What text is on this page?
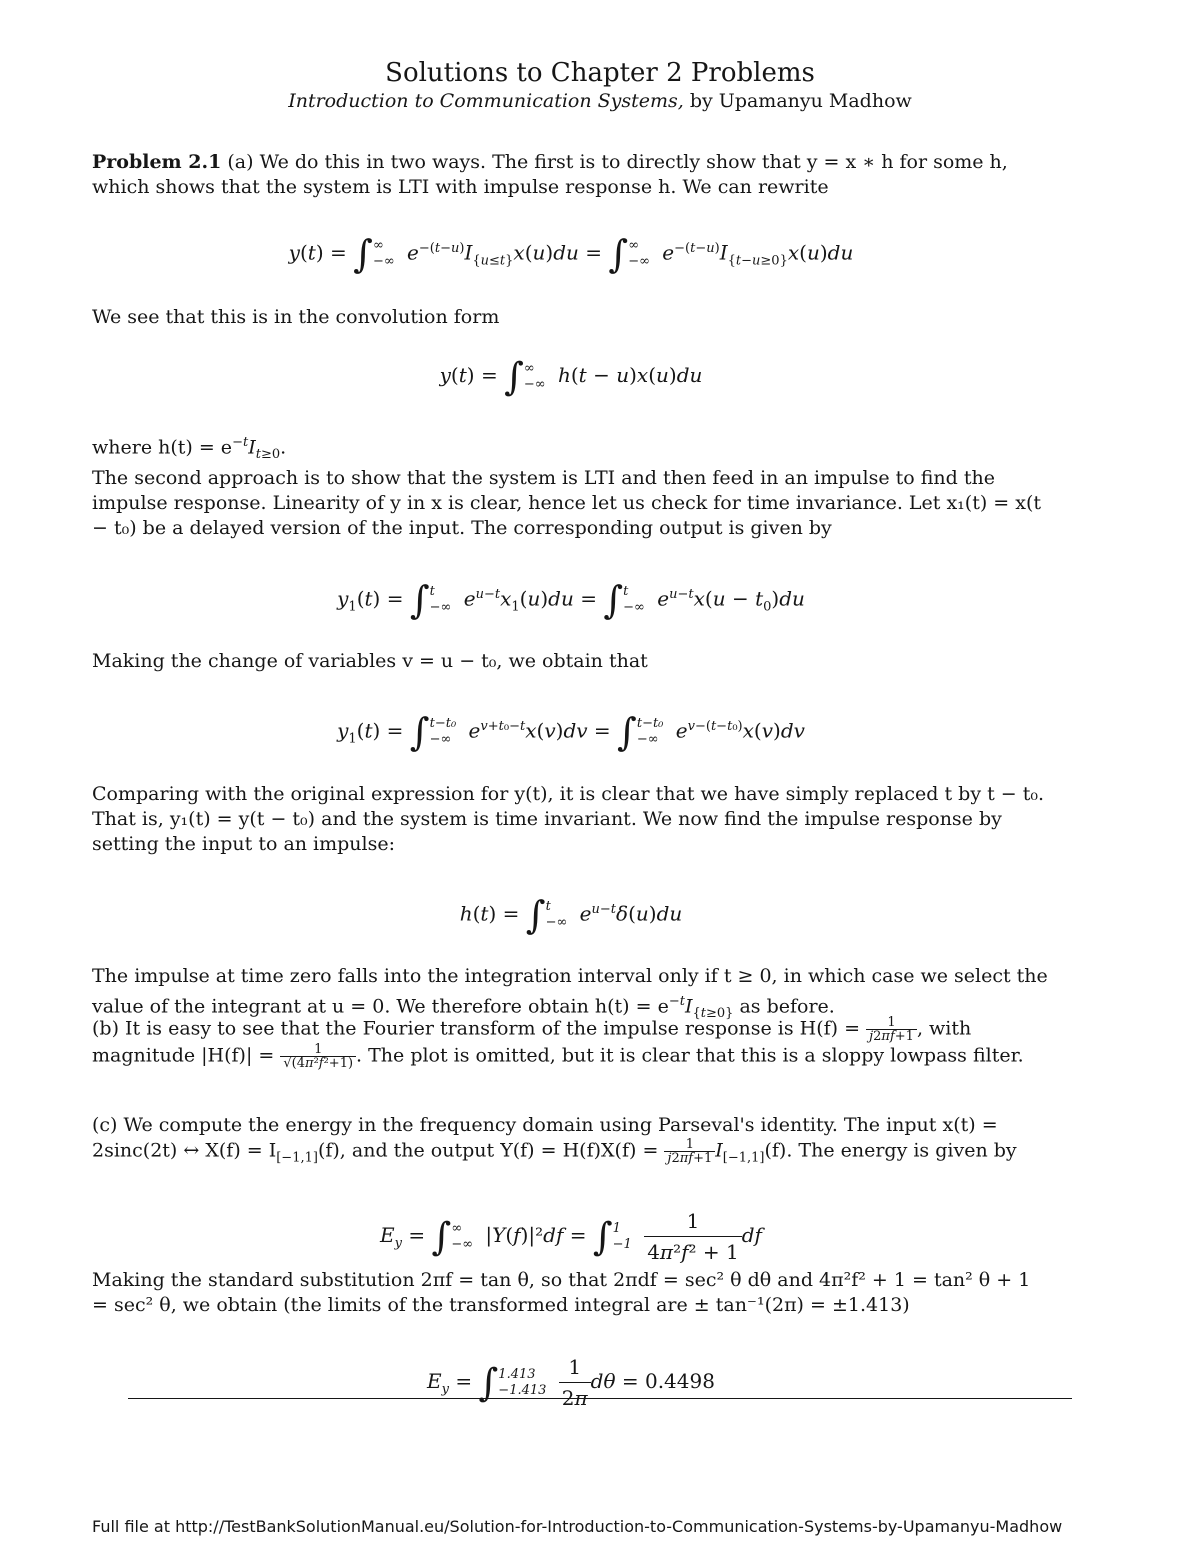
Solutions to Chapter 2 Problems
Introduction to Communication Systems, by Upamanyu Madhow
Problem 2.1 (a) We do this in two ways. The first is to directly show that y = x ∗ h for some h, which shows that the system is LTI with impulse response h. We can rewrite
y(t) = ∫ ∞
−∞ $e^{-(t-u)}I_{\{u\le t\}}x(u)du$ = ∫ ∞
−∞ $e^{-(t-u)}I_{\{t-u\ge 0\}}x(u)du$
We see that this is in the convolution form
y(t) = ∫ ∞
−∞ h(t − u)x(u)du
where $h(t) = e^{-t}I_{t\ge 0}$.
The second approach is to show that the system is LTI and then feed in an impulse to find the impulse response. Linearity of y in x is clear, hence let us check for time invariance. Let x₁(t) = x(t − t₀) be a delayed version of the input. The corresponding output is given by
$y_1(t)$ = ∫ t
−∞ $e^{u-t}x_1(u)du$ = ∫ t
−∞ $e^{u-t}x(u - t_0)du$
Making the change of variables v = u − t₀, we obtain that
$y_1(t)$ = ∫ t−t₀
−∞ $e^{v+t_0-t}x(v)dv$ = ∫ t−t₀
−∞ $e^{v-(t-t_0)}x(v)dv$
Comparing with the original expression for y(t), it is clear that we have simply replaced t by t − t₀. That is, y₁(t) = y(t − t₀) and the system is time invariant. We now find the impulse response by setting the input to an impulse:
h(t) = ∫ t
−∞ $e^{u-t}\delta(u)du$
The impulse at time zero falls into the integration interval only if t ≥ 0, in which case we select the value of the integrant at u = 0. We therefore obtain $h(t) = e^{-t}I_{\{t\ge 0\}}$ as before.
(b) It is easy to see that the Fourier transform of the impulse response is $H(f) = \frac{1}{j2\pi f+1}$ , with magnitude $|H(f)| = \frac{1}{\text{√(4π²f²+1)}}$ . The plot is omitted, but it is clear that this is a sloppy lowpass filter.
(c) We compute the energy in the frequency domain using Parseval's identity. The input x(t) = 2sinc(2t) ↔ $X(f) = I_{[-1,1]}(f)$, and the output $Y(f) = H(f)X(f) = \frac{1}{j2\pi f+1} I_{[-1,1]}(f)$. The energy is given by
$E_y$ = ∫ ∞
−∞ |Y(f)|²df = ∫ 1
−1
$\frac{1}{\text{4π²f² + 1}}$ df
Making the standard substitution 2πf = tan θ, so that 2πdf = sec² θ dθ and 4π²f² + 1 = tan² θ + 1 = sec² θ, we obtain (the limits of the transformed integral are ± tan⁻¹(2π) = ±1.413)
$E_y$ = ∫ 1.413
−1.413
$\frac{1}{2\pi}$ dθ = 0.4498
Full file at http://TestBankSolutionManual.eu/Solution-for-Introduction-to-Communication-Systems-by-Upamanyu-Madhow
